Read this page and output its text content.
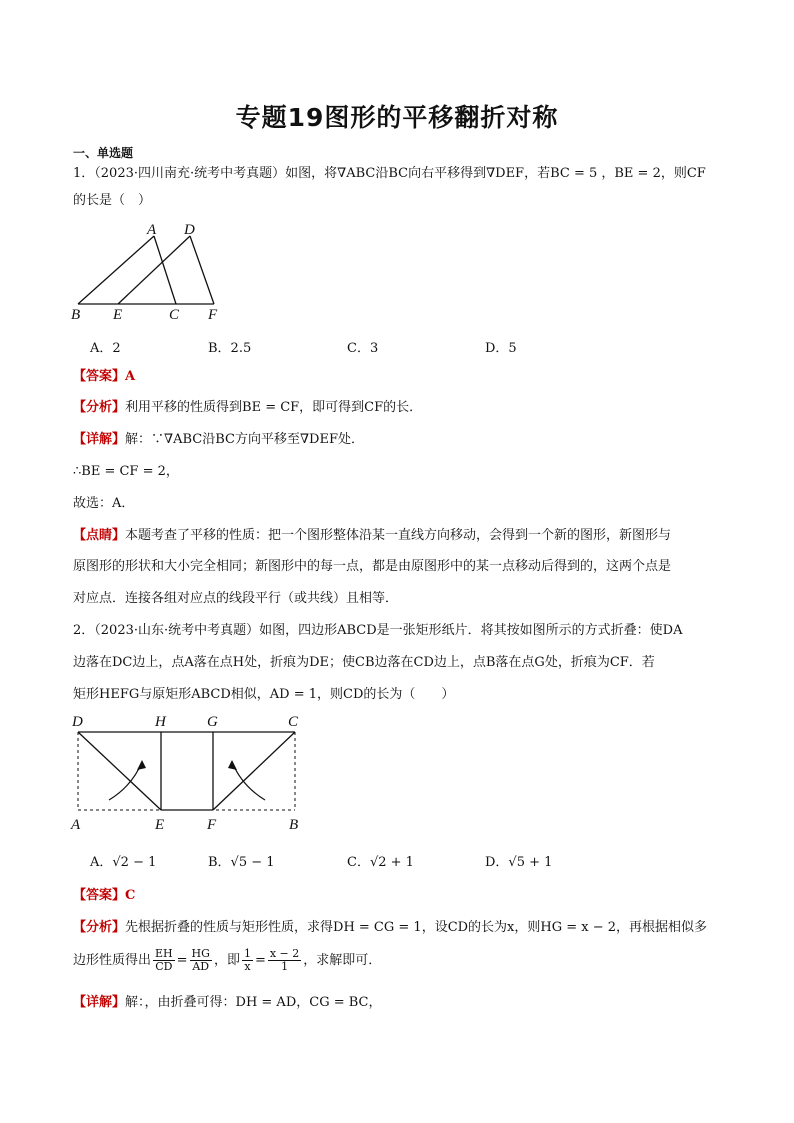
专题19图形的平移翻折对称
一、单选题
1．（2023·四川南充·统考中考真题）如图，将∇ABC沿BC向右平移得到∇DEF，若BC = 5 ，BE = 2，则CF
的长是（　）
A D
B E	C F
A．2	B．2.5	C．3	D．5
【答案】A
【分析】利用平移的性质得到BE = CF，即可得到CF的长．
【详解】解：∵∇ABC沿BC方向平移至∇DEF处．
∴BE = CF = 2，
故选：A．
【点睛】本题考查了平移的性质：把一个图形整体沿某一直线方向移动，会得到一个新的图形，新图形与
原图形的形状和大小完全相同；新图形中的每一点，都是由原图形中的某一点移动后得到的，这两个点是
对应点．连接各组对应点的线段平行（或共线）且相等．
2．（2023·山东·统考中考真题）如图，四边形ABCD是一张矩形纸片．将其按如图所示的方式折叠：使DA
边落在DC边上，点A落在点H处，折痕为DE；使CB边落在CD边上，点B落在点G处，折痕为CF．若
矩形HEFG与原矩形ABCD相似，AD = 1，则CD的长为（　　）
D	H	G	C
A	E	F	B
A．√2 − 1	B．√5 − 1	C．√2 + 1	D．√5 + 1
【答案】C
【分析】先根据折叠的性质与矩形性质，求得DH = CG = 1，设CD的长为x，则HG = x − 2，再根据相似多
边形性质得出 $\frac{EH}{CD} = \frac{HG}{AD}$ ，即 $\frac{1}{x} = \frac{x - 2}{1}$ ，求解即可．
【详解】解：，由折叠可得：DH = AD，CG = BC，
